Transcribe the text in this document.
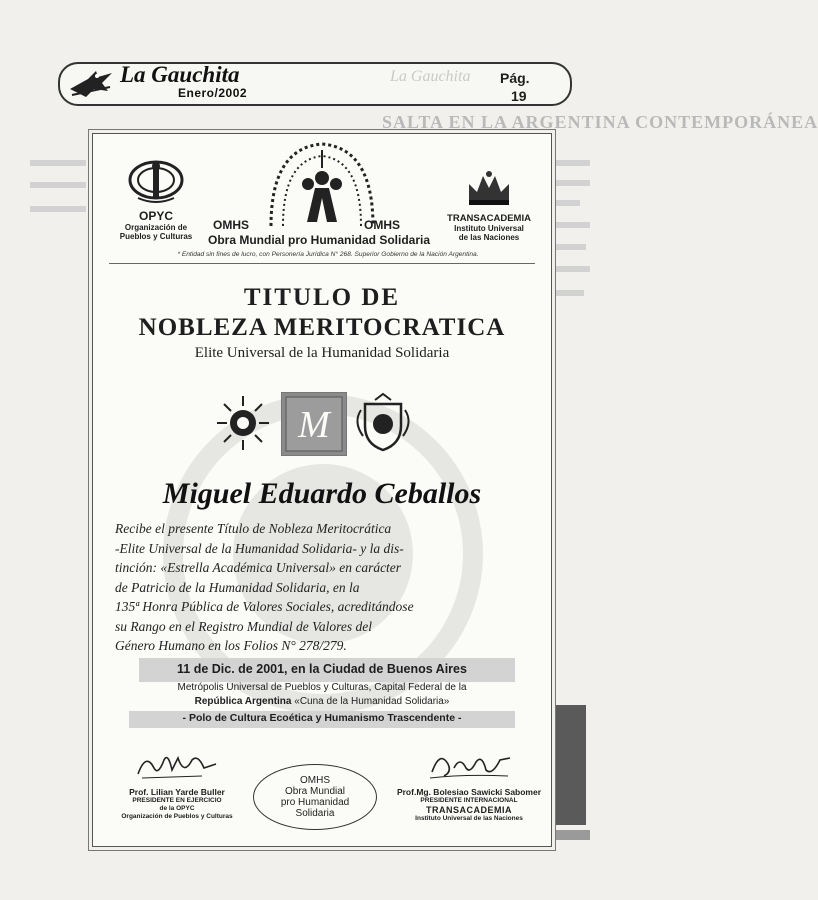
SALTA EN LA ARGENTINA CONTEMPORÁNEA
La Gauchita
Enero/2002
La Gauchita Pág.
19
OPYC
Organización de
Pueblos y Culturas
OMHS	OMHS
Obra Mundial pro Humanidad Solidaria
TRANSACADEMIA
Instituto Universal
de las Naciones
* Entidad sin fines de lucro, con Personería Jurídica N° 268. Superior Gobierno de la Nación Argentina.
TITULO DE
NOBLEZA MERITOCRATICA
Elite Universal de la Humanidad Solidaria
M
Miguel Eduardo Ceballos
Recibe el presente Título de Nobleza Meritocrática
-Elite Universal de la Humanidad Solidaria- y la dis-
tinción: «Estrella Académica Universal» en carácter
de Patricio de la Humanidad Solidaria, en la
135ª Honra Pública de Valores Sociales, acreditándose
su Rango en el Registro Mundial de Valores del
Género Humano en los Folios N° 278/279.
11 de Dic. de 2001, en la Ciudad de Buenos Aires
Metrópolis Universal de Pueblos y Culturas, Capital Federal de la
República Argentina «Cuna de la Humanidad Solidaria»
- Polo de Cultura Ecoética y Humanismo Trascendente -
Prof. Lilian Yarde Buller
PRESIDENTE EN EJERCICIO
de la OPYC
Organización de Pueblos y Culturas
OMHS
Obra Mundial
pro Humanidad
Solidaria
Prof.Mg. Bolesiao Sawicki Sabomer
PRESIDENTE INTERNACIONAL
TRANSACADEMIA
Instituto Universal de las Naciones
